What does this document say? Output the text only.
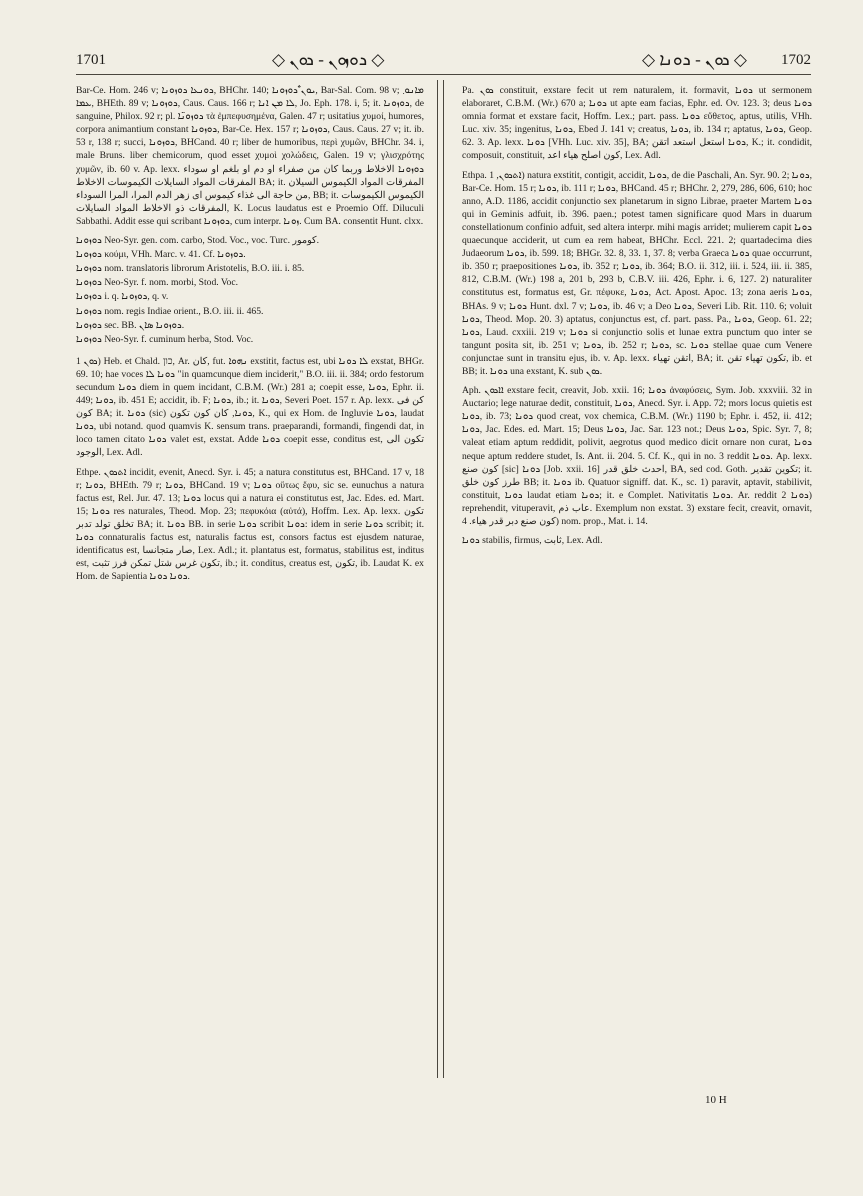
1701	◇ ܖܘܙܘܢ - ܖܘܢ ◇	◇ ܖܘܢ - ܖܘܢܐ ◇ 1702

Bar-Ce. Hom. 246 v; ܖܘܢܥܐ ܖܘܙܘܢܐ, BHChr. 140; ܝܘܢ̐ ܖܘܙܘܢܐ, Bar-Sal. Com. 98 v; ܡܐܢܘ܂ ܥܡܐ, BHEth. 89 v; ܖܘܙܘܢܐ, Caus. Caus. 166 r; ܠܐ ܡܢ ܐܢܐ, Jo. Eph. 178. i, 5; it. ܖܘܙܘܢܐ, de sanguine, Philox. 92 r; pl. ܖܘܙܘܢ̈ܐ τὰ ἐμπεφυσημένα, Galen. 47 r; usitatius χυμοί, humores, corpora animantium constant ܖܘܙܘܢܐ, Bar-Ce. Hex. 157 r; ܖܘܙܘܢܐ, Caus. Caus. 27 v; it. ib. 53 r, 138 r; succi, ܖܘܙܘܢܐ, BHCand. 40 r; liber de humoribus, περὶ χυμῶν, BHChr. 34. i, male Bruns. liber chemicorum, quod esset χυμοὶ χολώδεις, Galen. 19 v; γλισχρότης χυμῶν, ib. 60 v. Ap. lexx. ܖܘܙܘܢܐ الاخلاط وربما كان من صفراء او دم او بلغم او سوداء المفرقات المواد السايلات الكيموسات الاخلاط BA; it. المفرقات المواد الكيموس السيلان من حاجة الى غذاء كيموس اى زهر الدم المرا، المرا السوداء, BB; it. الكيموس الكيموسات المفرقات ذو الاخلاط المواد السايلات, K. Locus laudatus est e Proemio Off. Diluculi Sabbathi. Addit esse qui scribant ܖܘܙܘܢܐ, cum interpr. ܙܘܢܐ. Cum BA. consentit Hunt. clxx.

ܖܘܙܘܢܐ Neo-Syr. gen. com. carbo, Stod. Voc., voc. Turc. کومور.

ܖܘܙܘܢܐ κούμι, VHh. Marc. v. 41. Cf. ܖܘܙܘܢܐ.

ܖܘܙܘܢܐ nom. translatoris librorum Aristotelis, B.O. iii. i. 85.

ܖܘܙܘܢܐ Neo-Syr. f. nom. morbi, Stod. Voc.

ܖܘܙܘܢܐ i. q. ܖܘܙܘܢܐ, q. v.

ܖܘܙܘܢܐ nom. regis Indiae orient., B.O. iii. ii. 465.

ܖܘܙܘܢܐ sec. BB. ܖܘܙܘܢܐ ܣܐܢ.

ܖܘܙܘܢܐ Neo-Syr. f. cuminum herba, Stod. Voc.

ܖܘܢ 1) Heb. et Chald. כון, Ar. كان, fut. ܢܗܘܐ exstitit, factus est, ubi ܠܐ ܖܘܢܐ exstat, BHGr. 69. 10; hae voces ܖܘܢܐ ܠܐ "in quamcunque diem inciderit," B.O. iii. ii. 384; ordo festorum secundum ܖܘܢܐ diem in quem incidant, C.B.M. (Wr.) 281 a; coepit esse, ܖܘܢܐ, Ephr. ii. 449; ܖܘܢܐ, ib. 451 E; accidit, ib. F; ܖܘܢܐ, ib.; it. ܖܘܢܐ, Severi Poet. 157 r. Ap. lexx. كن فى كون BA; it. ܖܘܢܐ (sic) ܖܘܢܐ, كان كون تكون, K., qui ex Hom. de Ingluvie ܖܘܢܐ, laudat ܖܘܢܐ, ubi notand. quod quamvis K. sensum trans. praeparandi, formandi, fingendi dat, in loco tamen citato ܖܘܢܐ valet est, exstat. Adde ܖܘܢܐ coepit esse, conditus est, تكون الى الوجود, Lex. Adl.

Ethpe. ܐܬܖܘܢ incidit, evenit, Anecd. Syr. i. 45; a natura constitutus est, BHCand. 17 v, 18 r; ܖܘܢܐ, BHEth. 79 r; ܖܘܢܐ, BHCand. 19 v; ܖܘܢܐ οὕτως ἔφυ, sic se. eunuchus a natura factus est, Rel. Jur. 47. 13; ܖܘܢܐ locus qui a natura ei constitutus est, Jac. Edes. ed. Mart. 15; ܖܘܢܐ res naturales, Theod. Mop. 23; πεφυκόια (αὐτά), Hoffm. Lex. Ap. lexx. تكون تخلق تولد تدبر BA; it. ܖܘܢܐ BB. in serie ܖܘܢܐ scribit ܖܘܢܐ: idem in serie ܖܘܢܐ scribit; it. ܖܘܢܐ connaturalis factus est, naturalis factus est, consors factus est ejusdem naturae, identificatus est, صار متجانسا, Lex. Adl.; it. plantatus est, formatus, stabilitus est, inditus est, تكون غرس شتل تمكن فرز تثبت, ib.; it. conditus, creatus est, تكون, ib. Laudat K. ex Hom. de Sapientia ܖܘܢܐ ܖܘܢܐ.

Pa. ܖܘܢ constituit, exstare fecit ut rem naturalem, it. formavit, ܖܘܢܐ ut sermonem elaboraret, C.B.M. (Wr.) 670 a; ܖܘܢܐ ut apte eam facias, Ephr. ed. Ov. 123. 3; deus ܖܘܢܐ omnia format et exstare facit, Hoffm. Lex.; part. pass. ܖܘܢܐ εὔθετος, aptus, utilis, VHh. Luc. xiv. 35; ingenitus, ܖܘܢܐ, Ebed J. 141 v; creatus, ܖܘܢܐ, ib. 134 r; aptatus, ܖܘܢܐ, Geop. 62. 3. Ap. lexx. ܖܘܢܐ [VHh. Luc. xiv. 35], BA; ܖܘܢܐ استعل استعد اتقن, K.; it. condidit, composuit, constituit, كون اصلح هياء اعد, Lex. Adl.

Ethpa. ܐܬܖܘܢ, 1) natura exstitit, contigit, accidit, ܖܘܢܐ, de die Paschali, An. Syr. 90. 2; ܖܘܢܐ, Bar-Ce. Hom. 15 r; ܖܘܢܐ, ib. 111 r; ܖܘܢܐ, BHCand. 45 r; BHChr. 2, 279, 286, 606, 610; hoc anno, A.D. 1186, accidit conjunctio sex planetarum in signo Librae, praeter Martem ܖܘܢܐ qui in Geminis adfuit, ib. 396. paen.; potest tamen significare quod Mars in duarum constellationum confinio adfuit, sed altera interpr. mihi magis arridet; mulierem capit ܖܘܢܐ quaecunque acciderit, ut cum ea rem habeat, BHChr. Eccl. 221. 2; quartadecima dies Judaeorum ܖܘܢܐ, ib. 599. 18; BHGr. 32. 8, 33. 1, 37. 8; verba Graeca ܖܘܢܐ quae occurrunt, ib. 350 r; praepositiones ܖܘܢܐ, ib. 352 r; ܖܘܢܐ, ib. 364; B.O. ii. 312, iii. i. 524, iii. ii. 385, 812, C.B.M. (Wr.) 198 a, 201 b, 293 b, C.B.V. iii. 426, Ephr. i. 6, 127. 2) naturaliter constitutus est, formatus est, Gr. πέφυκε, ܖܘܢܐ, Act. Apost. Apoc. 13; zona aeris ܖܘܢܐ, BHAs. 9 v; ܖܘܢܐ Hunt. dxl. 7 v; ܖܘܢܐ, ib. 46 v; a Deo ܖܘܢܐ, Severi Lib. Rit. 110. 6; voluit ܖܘܢܐ, Theod. Mop. 20. 3) aptatus, conjunctus est, cf. part. pass. Pa., ܖܘܢܐ, Geop. 61. 22; ܖܘܢܐ, Laud. cxxiii. 219 v; ܖܘܢܐ si conjunctio solis et lunae extra punctum quo inter se tangunt posita sit, ib. 251 v; ܖܘܢܐ, ib. 252 r; ܖܘܢܐ, sc. ܖܘܢܐ stellae quae cum Venere conjunctae sunt in transitu ejus, ib. v. Ap. lexx. اتقن تهياء, BA; it. تكون تهياء تقن, ib. et BB; it. ܖܘܢܐ una exstant, K. sub ܖܘܢ.

Aph. ܐܐܖܘܢ exstare fecit, creavit, Job. xxii. 16; ܖܘܢܐ ἀναφύσεις, Sym. Job. xxxviii. 32 in Auctario; lege naturae dedit, constituit, ܖܘܢܐ, Anecd. Syr. i. App. 72; mors locus quietis est ܖܘܢܐ, ib. 73; ܖܘܢܐ quod creat, vox chemica, C.B.M. (Wr.) 1190 b; Ephr. i. 452, ii. 412; ܖܘܢܐ, Jac. Edes. ed. Mart. 15; Deus ܖܘܢܐ, Jac. Sar. 123 not.; Deus ܖܘܢܐ, Spic. Syr. 7, 8; valeat etiam aptum reddidit, polivit, aegrotus quod medico dicit ornare non curat, ܖܘܢܐ neque aptum reddere studet, Is. Ant. ii. 204. 5. Cf. K., qui in no. 3 reddit ܖܘܢܐ. Ap. lexx. كون صنع [sic] ܖܘܢܐ [Job. xxii. 16] احدث خلق قدر, BA, sed cod. Goth. تكوين تقدير; it. طرز كون خلق BB; it. ܖܘܢܐ ib. Quatuor signiff. dat. K., sc. 1) paravit, aptavit, stabilivit, constituit, ܖܘܢܐ laudat etiam ܖܘܢܐ; it. e Complet. Nativitatis ܖܘܢܐ. Ar. reddit ܖܘܢܐ 2) reprehendit, vituperavit, عاب ذم. Exemplum non exstat. 3) exstare fecit, creavit, ornavit, كون صنع دبر قدر هياء. 4) nom. prop., Mat. i. 14.

ܖܘܢܐ stabilis, firmus, ثابت, Lex. Adl.

10 H
